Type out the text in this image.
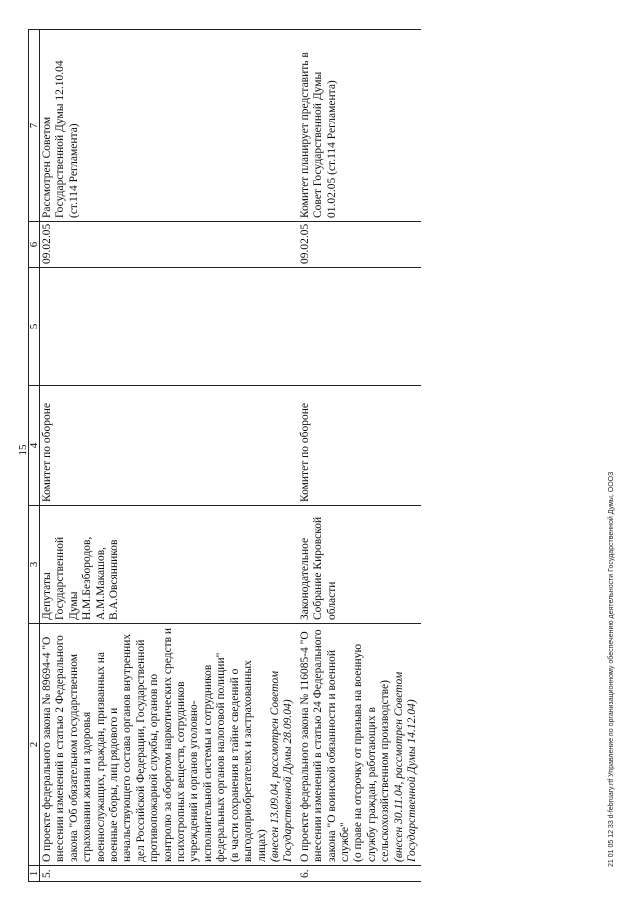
15
1	2	3	4	5	6	7
5.	О проекте федерального закона № 89694-4 "О внесении изменений в статью 2 Федерального закона "Об обязательном государственном страховании жизни и здоровья военнослужащих, граждан, призванных на военные сборы, лиц рядового и начальствующего состава органов внутренних дел Российской Федерации, Государственной противопожарной службы, органов по контролю за оборотом наркотических средств и психотропных веществ, сотрудников учреждений и органов уголовно-исполнительной системы и сотрудников федеральных органов налоговой полиции" (в части сохранения в тайне сведений о выгодоприобретателях и застрахованных лицах) (внесен 13.09.04, рассмотрен Советом Государственной Думы 28.09.04)	Депутаты Государственной Думы Н.М.Безбородов, А.М.Макашов, В.А.Овсянников	Комитет по обороне		09.02.05	Рассмотрен Советом Государственной Думы 12.10.04 (ст.114 Регламента)
6.	О проекте федерального закона № 116085-4 "О внесении изменений в статью 24 Федерального закона "О воинской обязанности и военной службе" (о праве на отсрочку от призыва на военную службу граждан, работающих в сельскохозяйственном производстве) (внесен 30.11.04, рассмотрен Советом Государственной Думы 14.12.04)	Законодательное Собрание Кировской области	Комитет по обороне		09.02.05	Комитет планирует представить в Совет Государственной Думы 01.02.05 (ст.114 Регламента)
21 01 05 12 33 d-february.rtf Управление по организационному обеспечению деятельности Государственной Думы, ОООЗ
